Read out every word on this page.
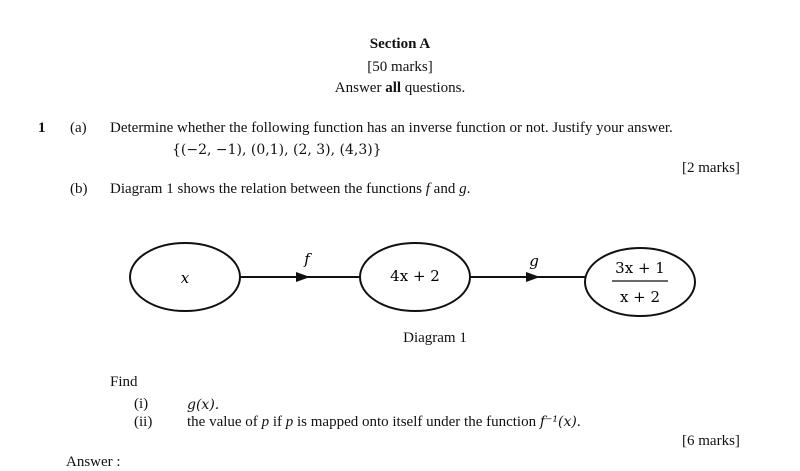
Section A
[50 marks]
Answer all questions.
1 (a) Determine whether the following function has an inverse function or not. Justify your answer.
{(−2, −1), (0,1), (2, 3), (4,3)}
[2 marks]
(b) Diagram 1 shows the relation between the functions f and g.
x	4x + 2	3x + 1
x + 2
f	g
Diagram 1
Find
(i)	g(x).
(ii) the value of p if p is mapped onto itself under the function f⁻¹(x).
[6 marks]
Answer :
